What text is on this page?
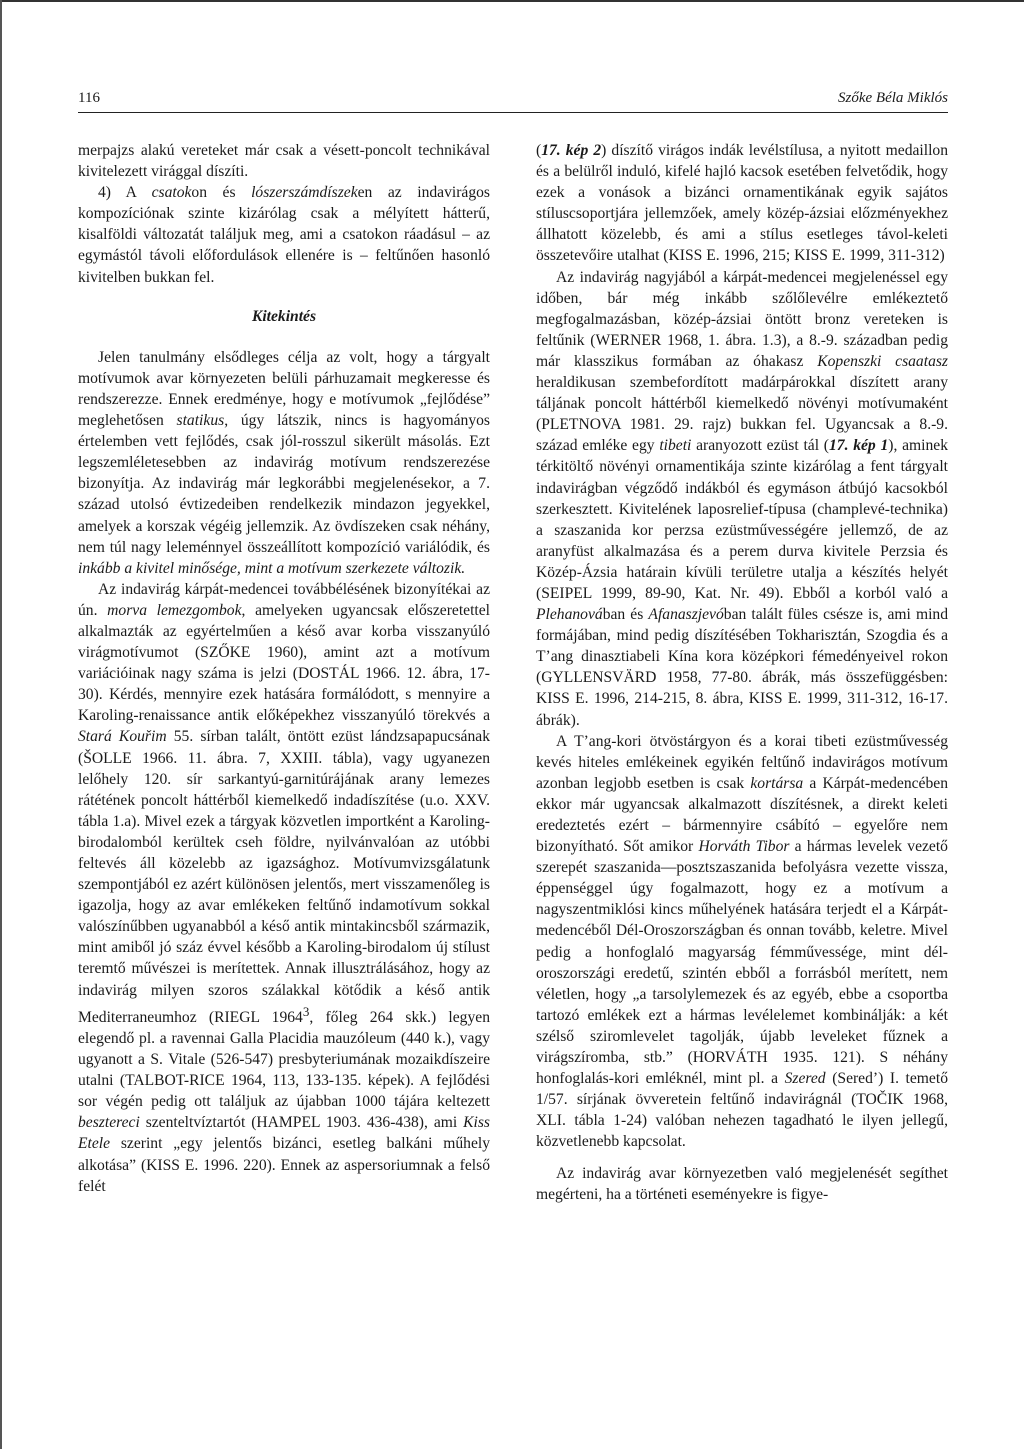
116	Szőke Béla Miklós

merpajzs alakú vereteket már csak a vésett-poncolt technikával kivitelezett virággal díszíti.

4) A csatokon és lószerszámdíszeken az indavirágos kompozíciónak szinte kizárólag csak a mélyített hátterű, kisalföldi változatát találjuk meg, ami a csatokon ráadásul – az egymástól távoli előfordulások ellenére is – feltűnően hasonló kivitelben bukkan fel.

Kitekintés

Jelen tanulmány elsődleges célja az volt, hogy a tárgyalt motívumok avar környezeten belüli párhuzamait megkeresse és rendszerezze. Ennek eredménye, hogy e motívumok „fejlődése” meglehetősen statikus, úgy látszik, nincs is hagyományos értelemben vett fejlődés, csak jól-rosszul sikerült másolás. Ezt legszemléletesebben az indavirág motívum rendszerezése bizonyítja. Az indavirág már legkorábbi megjelenésekor, a 7. század utolsó évtizedeiben rendelkezik mindazon jegyekkel, amelyek a korszak végéig jellemzik. Az övdíszeken csak néhány, nem túl nagy leleménnyel összeállított kompozíció variálódik, és inkább a kivitel minősége, mint a motívum szerkezete változik.

Az indavirág kárpát-medencei továbbélésének bizonyítékai az ún. morva lemezgombok, amelyeken ugyancsak előszeretettel alkalmazták az egyértelműen a késő avar korba visszanyúló virágmotívumot (SZŐKE 1960), amint azt a motívum variációinak nagy száma is jelzi (DOSTÁL 1966. 12. ábra, 17-30). Kérdés, mennyire ezek hatására formálódott, s mennyire a Karoling-renaissance antik előképekhez visszanyúló törekvés a Stará Kouřim 55. sírban talált, öntött ezüst lándzsapapucsának (ŠOLLE 1966. 11. ábra. 7, XXIII. tábla), vagy ugyanezen lelőhely 120. sír sarkantyú-garnitúrájának arany lemezes rátétének poncolt háttérből kiemelkedő indadíszítése (u.o. XXV. tábla 1.a). Mivel ezek a tárgyak közvetlen importként a Karoling-birodalomból kerültek cseh földre, nyilvánvalóan az utóbbi feltevés áll közelebb az igazsághoz. Motívumvizsgálatunk szempontjából ez azért különösen jelentős, mert visszamenőleg is igazolja, hogy az avar emlékeken feltűnő indamotívum sokkal valószínűbben ugyanabból a késő antik mintakincsből származik, mint amiből jó száz évvel később a Karoling-birodalom új stílust teremtő művészei is merítettek. Annak illusztrálásához, hogy az indavirág milyen szoros szálakkal kötődik a késő antik Mediterraneumhoz (RIEGL 1964$^3$, főleg 264 skk.) legyen elegendő pl. a ravennai Galla Placidia mauzóleum (440 k.), vagy ugyanott a S. Vitale (526-547) presbyteriumának mozaikdíszeire utalni (TALBOT-RICE 1964, 113, 133-135. képek). A fejlődési sor végén pedig ott találjuk az újabban 1000 tájára keltezett besztereci szenteltvíztartót (HAMPEL 1903. 436-438), ami Kiss Etele szerint „egy jelentős bizánci, esetleg balkáni műhely alkotása” (KISS E. 1996. 220). Ennek az aspersoriumnak a felső felét

(17. kép 2) díszítő virágos indák levélstílusa, a nyitott medaillon és a belülről induló, kifelé hajló kacsok esetében felvetődik, hogy ezek a vonások a bizánci ornamentikának egyik sajátos stíluscsoportjára jellemzőek, amely közép-ázsiai előzményekhez állhatott közelebb, és ami a stílus esetleges távol-keleti összetevőire utalhat (KISS E. 1996, 215; KISS E. 1999, 311-312)

Az indavirág nagyjából a kárpát-medencei megjelenéssel egy időben, bár még inkább szőlőlevélre emlékeztető megfogalmazásban, közép-ázsiai öntött bronz vereteken is feltűnik (WERNER 1968, 1. ábra. 1.3), a 8.-9. században pedig már klasszikus formában az óhakasz Kopenszki csaatasz heraldikusan szembefordított madárpárokkal díszített arany táljának poncolt háttérből kiemelkedő növényi motívumaként (PLETNOVA 1981. 29. rajz) bukkan fel. Ugyancsak a 8.-9. század emléke egy tibeti aranyozott ezüst tál (17. kép 1), aminek térkitöltő növényi ornamentikája szinte kizárólag a fent tárgyalt indavirágban végződő indákból és egymáson átbújó kacsokból szerkesztett. Kivitelének laposrelief-típusa (champlevé-technika) a szaszanida kor perzsa ezüstművességére jellemző, de az aranyfüst alkalmazása és a perem durva kivitele Perzsia és Közép-Ázsia határain kívüli területre utalja a készítés helyét (SEIPEL 1999, 89-90, Kat. Nr. 49). Ebből a korból való a Plehanovában és Afanaszjevóban talált füles csésze is, ami mind formájában, mind pedig díszítésében Tokharisztán, Szogdia és a T’ang dinasztiabeli Kína kora középkori fémedényeivel rokon (GYLLENSVÄRD 1958, 77-80. ábrák, más összefüggésben: KISS E. 1996, 214-215, 8. ábra, KISS E. 1999, 311-312, 16-17. ábrák).

A T’ang-kori ötvöstárgyon és a korai tibeti ezüstművesség kevés hiteles emlékeinek egyikén feltűnő indavirágos motívum azonban legjobb esetben is csak kortársa a Kárpát-medencében ekkor már ugyancsak alkalmazott díszítésnek, a direkt keleti eredeztetés ezért – bármennyire csábító – egyelőre nem bizonyítható. Sőt amikor Horváth Tibor a hármas levelek vezető szerepét szaszanida—posztszaszanida befolyásra vezette vissza, éppenséggel úgy fogalmazott, hogy ez a motívum a nagyszentmiklósi kincs műhelyének hatására terjedt el a Kárpát-medencéből Dél-Oroszországban és onnan tovább, keletre. Mivel pedig a honfoglaló magyarság fémművessége, mint dél-oroszországi eredetű, szintén ebből a forrásból merített, nem véletlen, hogy „a tarsolylemezek és az egyéb, ebbe a csoportba tartozó emlékek ezt a hármas levélelemet kombinálják: a két szélső sziromlevelet tagolják, újabb leveleket fűznek a virágszíromba, stb.” (HORVÁTH 1935. 121). S néhány honfoglalás-kori emléknél, mint pl. a Szered (Sered’) I. temető 1/57. sírjának övveretein feltűnő indavirágnál (TOČIK 1968, XLI. tábla 1-24) valóban nehezen tagadható le ilyen jellegű, közvetlenebb kapcsolat.

Az indavirág avar környezetben való megjelenését segíthet megérteni, ha a történeti eseményekre is figye-
